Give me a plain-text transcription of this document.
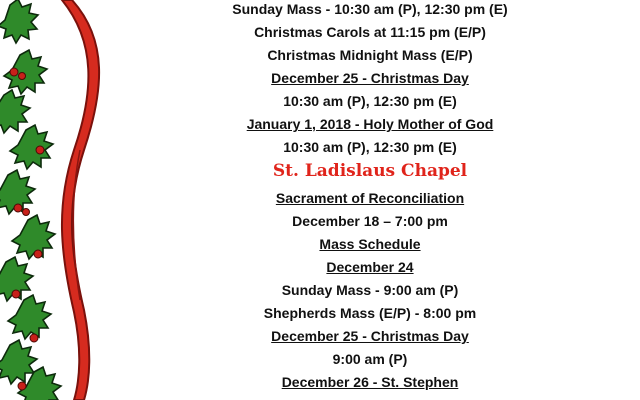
Sunday Mass - 10:30 am (P), 12:30 pm (E)
Christmas Carols at 11:15 pm (E/P)
Christmas Midnight Mass (E/P)
December 25 - Christmas Day
10:30 am (P), 12:30 pm (E)
January 1, 2018 - Holy Mother of God
10:30 am (P), 12:30 pm (E)
St. Ladislaus Chapel
Sacrament of Reconciliation
December 18 – 7:00 pm
Mass Schedule
December 24
Sunday Mass - 9:00 am (P)
Shepherds Mass (E/P) - 8:00 pm
December 25 - Christmas Day
9:00 am (P)
December 26 - St. Stephen
